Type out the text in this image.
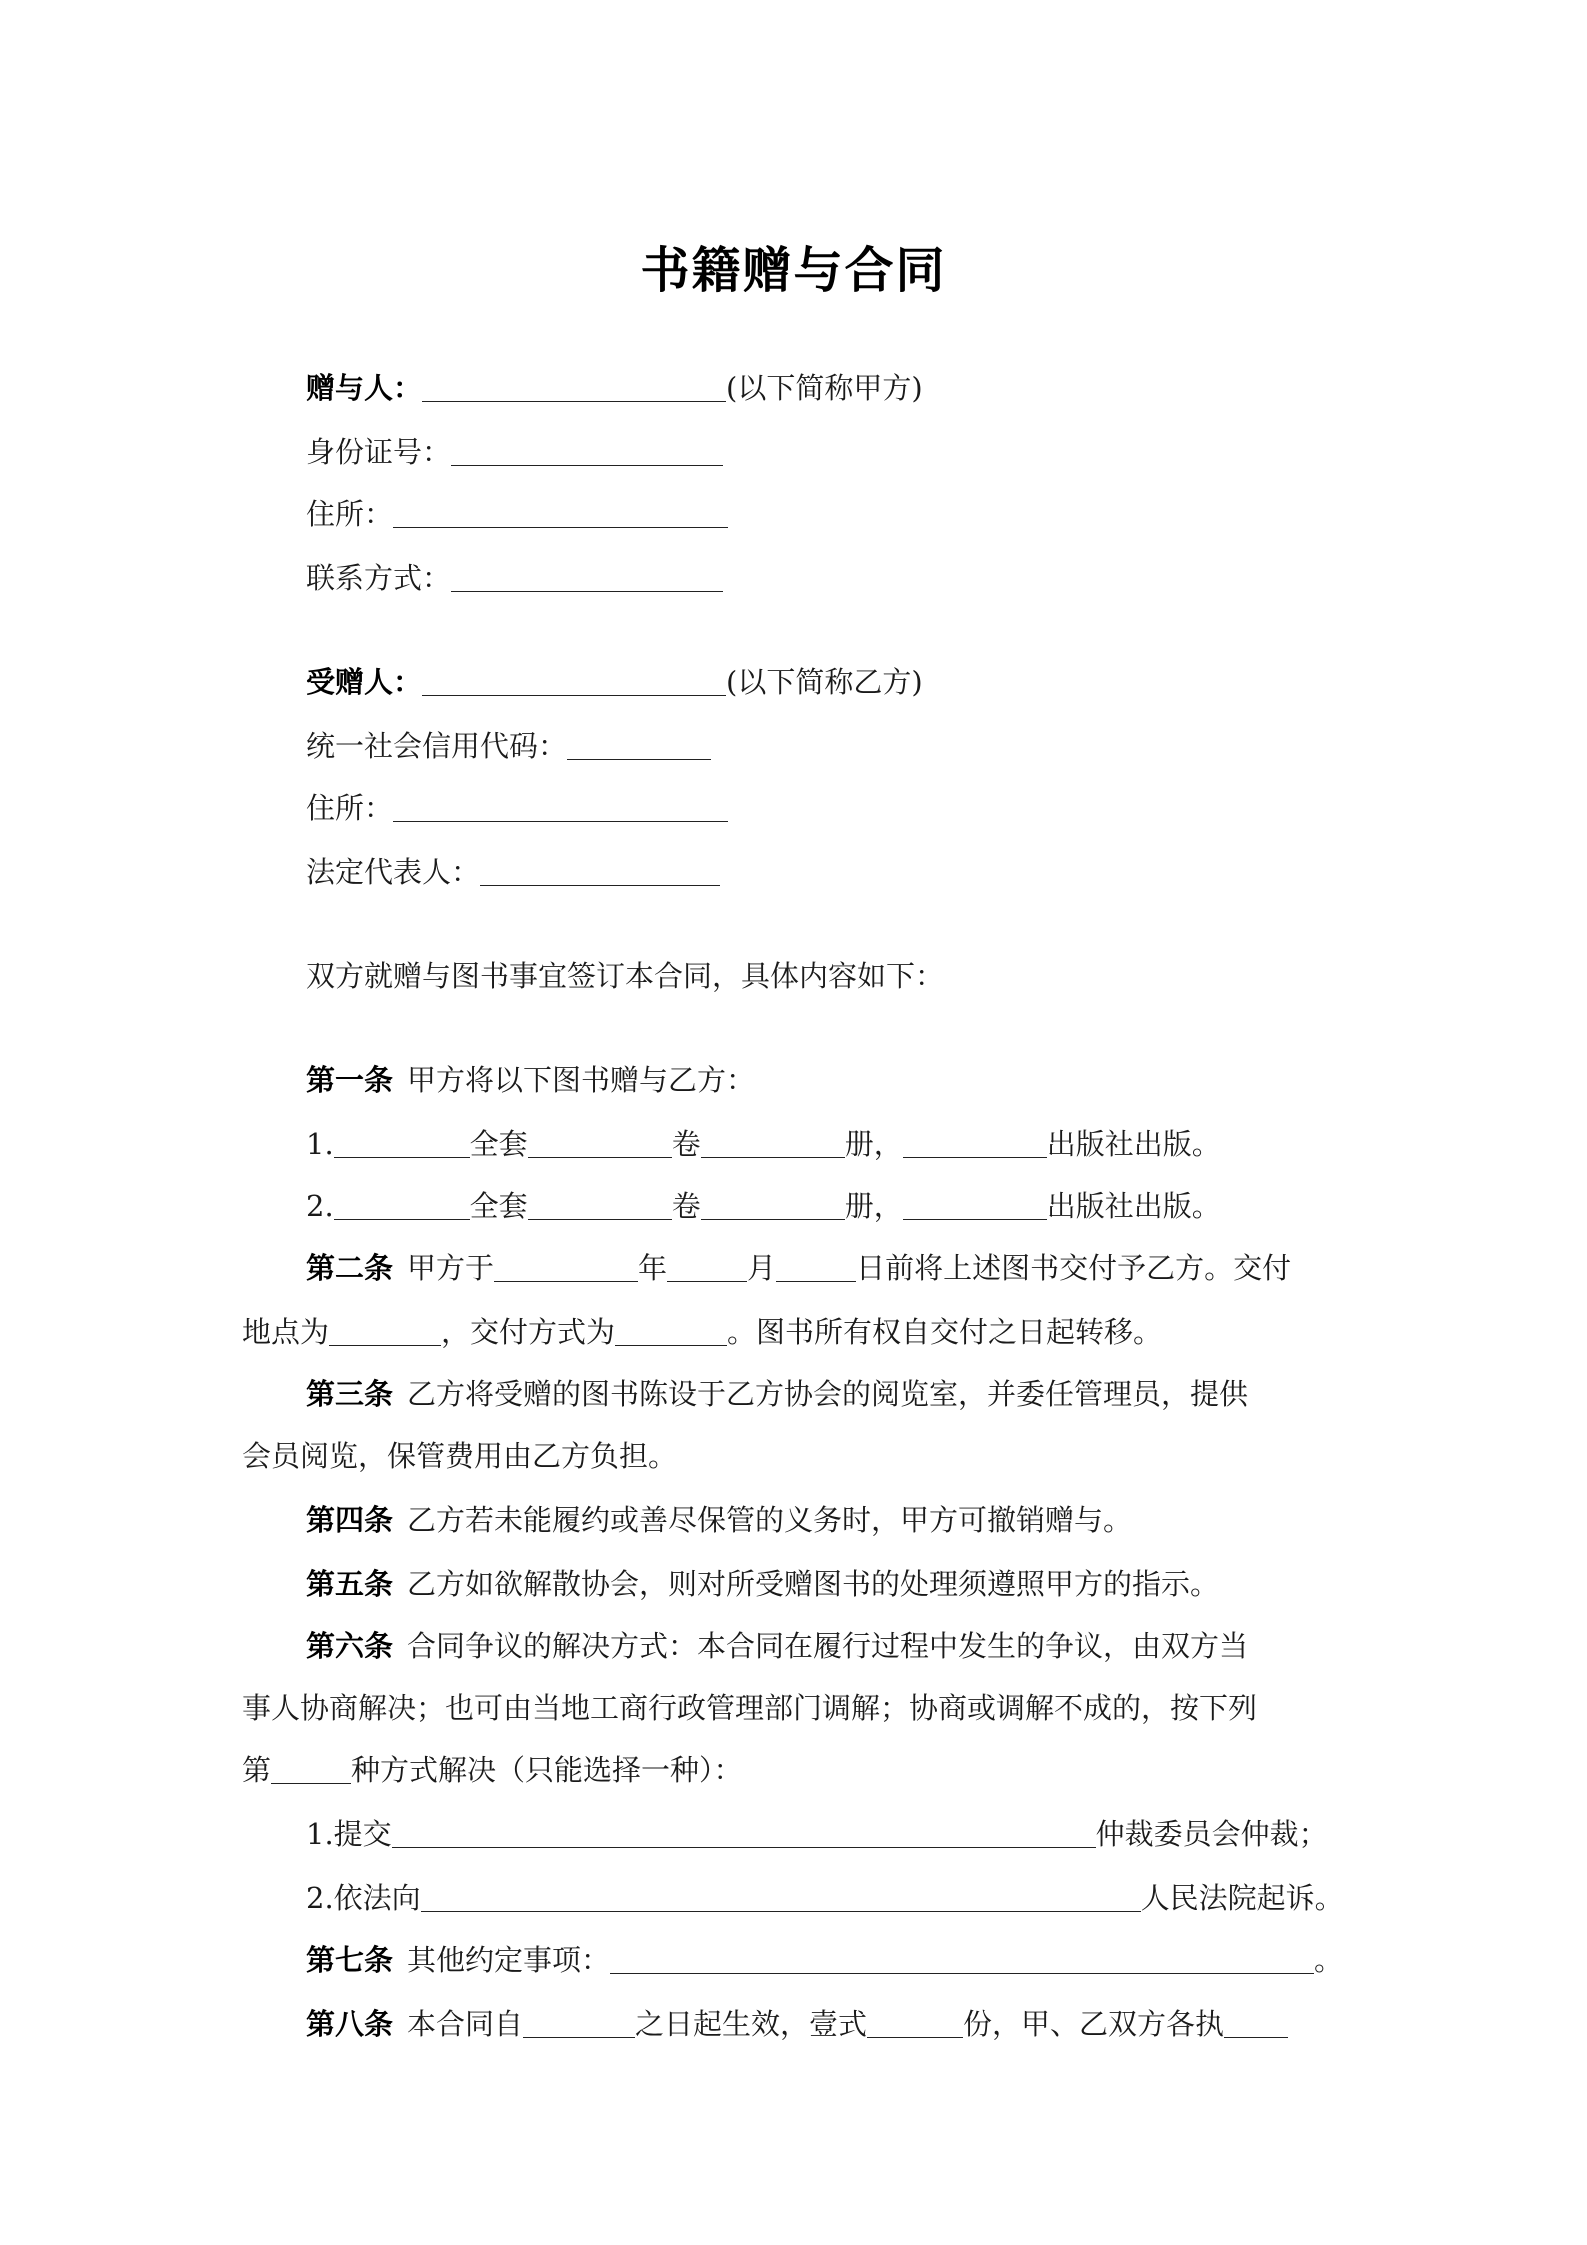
书籍赠与合同
赠与人：	(以下简称甲方)
身份证号：
住所：
联系方式：
受赠人：	(以下简称乙方)
统一社会信用代码：
住所：
法定代表人：
双方就赠与图书事宜签订本合同，具体内容如下：
第一条 甲方将以下图书赠与乙方：
1.	全套	卷	册，	出版社出版。
2.	全套	卷	册，	出版社出版。
第二条 甲方于	年	月	日前将上述图书交付予乙方。交付
地点为	，交付方式为	。图书所有权自交付之日起转移。
第三条 乙方将受赠的图书陈设于乙方协会的阅览室，并委任管理员，提供
会员阅览，保管费用由乙方负担。
第四条 乙方若未能履约或善尽保管的义务时，甲方可撤销赠与。
第五条 乙方如欲解散协会，则对所受赠图书的处理须遵照甲方的指示。
第六条 合同争议的解决方式：本合同在履行过程中发生的争议，由双方当
事人协商解决；也可由当地工商行政管理部门调解；协商或调解不成的，按下列
第	种方式解决（只能选择一种）：
1.提交	仲裁委员会仲裁；
2.依法向	人民法院起诉。
第七条 其他约定事项：	。
第八条 本合同自	之日起生效，壹式	份，甲、乙双方各执
